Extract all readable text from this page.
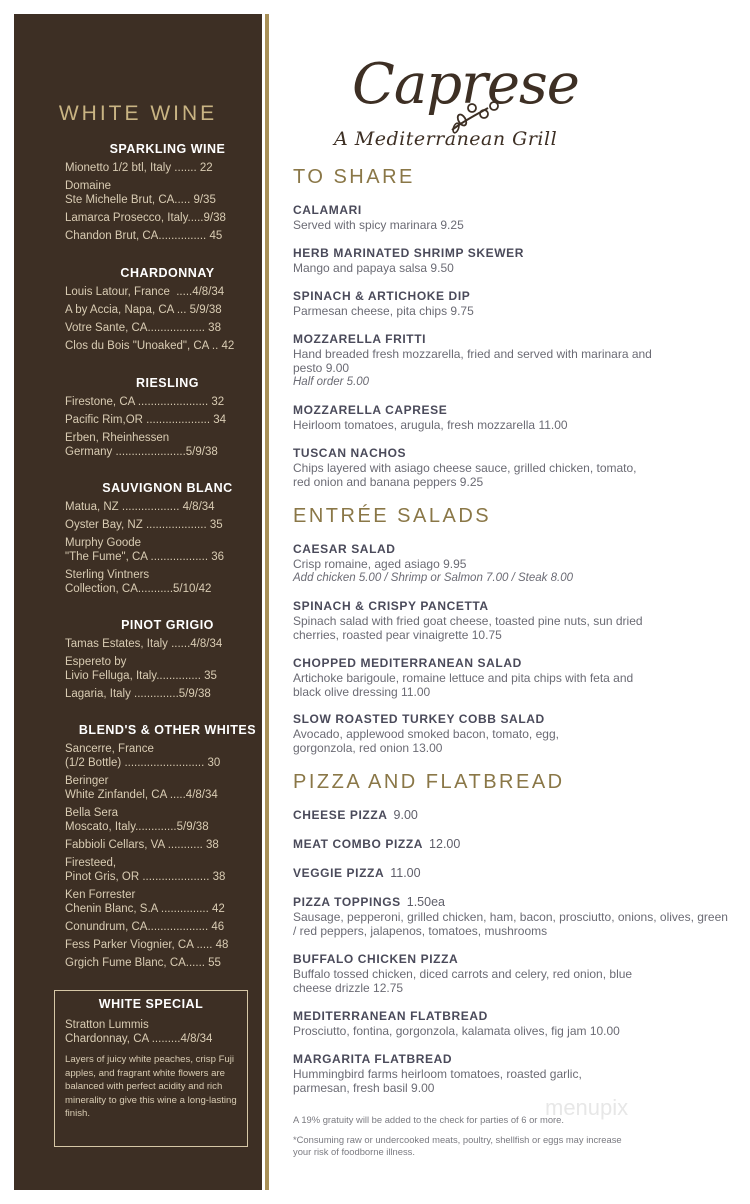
WHITE WINE
SPARKLING WINE
Mionetto 1/2 btl, Italy ....... 22
Domaine
Ste Michelle Brut, CA..... 9/35
Lamarca Prosecco, Italy.....9/38
Chandon Brut, CA............... 45
CHARDONNAY
Louis Latour, France  .....4/8/34
A by Accia, Napa, CA ... 5/9/38
Votre Sante, CA.................. 38
Clos du Bois "Unoaked", CA .. 42
RIESLING
Firestone, CA ...................... 32
Pacific Rim,OR .................... 34
Erben, Rheinhessen
Germany ......................5/9/38
SAUVIGNON BLANC
Matua, NZ .................. 4/8/34
Oyster Bay, NZ ................... 35
Murphy Goode
"The Fume", CA .................. 36
Sterling Vintners
Collection, CA...........5/10/42
PINOT GRIGIO
Tamas Estates, Italy ......4/8/34
Espereto by
Livio Felluga, Italy.............. 35
Lagaria, Italy ..............5/9/38
BLEND'S & OTHER WHITES
Sancerre, France
(1/2 Bottle) ......................... 30
Beringer
White Zinfandel, CA .....4/8/34
Bella Sera
Moscato, Italy.............5/9/38
Fabbioli Cellars, VA ........... 38
Firesteed,
Pinot Gris, OR ..................... 38
Ken Forrester
Chenin Blanc, S.A ............... 42
Conundrum, CA................... 46
Fess Parker Viognier, CA ..... 48
Grgich Fume Blanc, CA...... 55
WHITE SPECIAL
Stratton Lummis
Chardonnay, CA .........4/8/34
Layers of juicy white peaches, crisp Fuji apples, and fragrant white flowers are balanced with perfect acidity and rich minerality to give this wine a long-lasting finish.
Caprese
A Mediterranean Grill
TO SHARE
CALAMARI
Served with spicy marinara 9.25
HERB MARINATED SHRIMP SKEWER
Mango and papaya salsa 9.50
SPINACH & ARTICHOKE DIP
Parmesan cheese, pita chips 9.75
MOZZARELLA FRITTI
Hand breaded fresh mozzarella, fried and served with marinara and pesto 9.00
Half order 5.00
MOZZARELLA CAPRESE
Heirloom tomatoes, arugula, fresh mozzarella 11.00
TUSCAN NACHOS
Chips layered with asiago cheese sauce, grilled chicken, tomato, red onion and banana peppers 9.25
ENTRÉE SALADS
CAESAR SALAD
Crisp romaine, aged asiago 9.95
Add chicken 5.00 / Shrimp or Salmon 7.00 / Steak 8.00
SPINACH & CRISPY PANCETTA
Spinach salad with fried goat cheese, toasted pine nuts, sun dried cherries, roasted pear vinaigrette 10.75
CHOPPED MEDITERRANEAN SALAD
Artichoke barigoule, romaine lettuce and pita chips with feta and black olive dressing 11.00
SLOW ROASTED TURKEY COBB SALAD
Avocado, applewood smoked bacon, tomato, egg, gorgonzola, red onion 13.00
PIZZA AND FLATBREAD
CHEESE PIZZA 9.00
MEAT COMBO PIZZA 12.00
VEGGIE PIZZA 11.00
PIZZA TOPPINGS 1.50ea
Sausage, pepperoni, grilled chicken, ham, bacon, prosciutto, onions, olives, green / red peppers, jalapenos, tomatoes, mushrooms
BUFFALO CHICKEN PIZZA
Buffalo tossed chicken, diced carrots and celery, red onion, blue cheese drizzle 12.75
MEDITERRANEAN FLATBREAD
Prosciutto, fontina, gorgonzola, kalamata olives, fig jam 10.00
MARGARITA FLATBREAD
Hummingbird farms heirloom tomatoes, roasted garlic, parmesan, fresh basil 9.00
A 19% gratuity will be added to the check for parties of 6 or more.
*Consuming raw or undercooked meats, poultry, shellfish or eggs may increase your risk of foodborne illness.
menupix
